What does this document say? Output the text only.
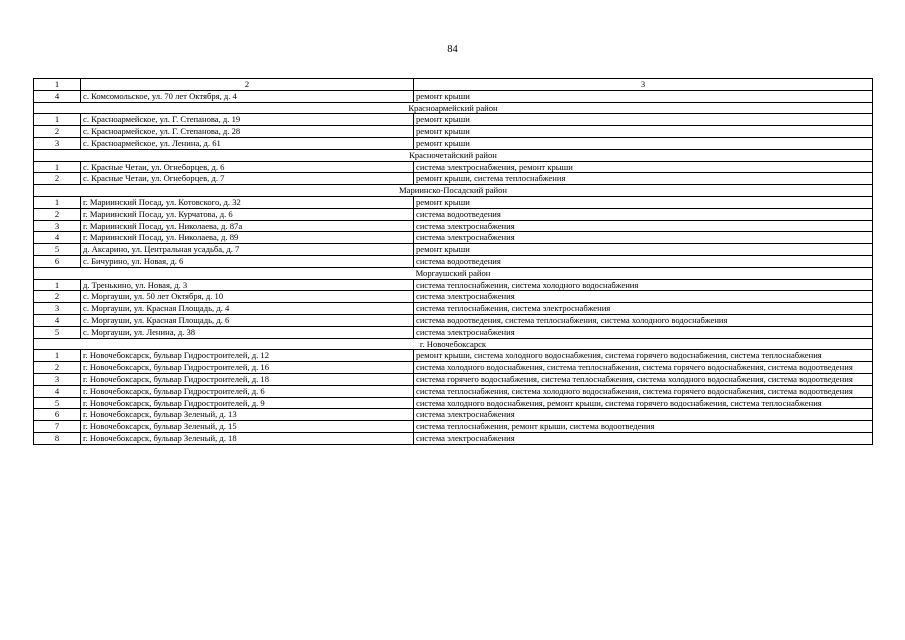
84
1	2	3
4	с. Комсомольское, ул. 70 лет Октября, д. 4	ремонт крыши
Красноармейский район		
1	с. Красноармейское, ул. Г. Степанова, д. 19	ремонт крыши
2	с. Красноармейское, ул. Г. Степанова, д. 28	ремонт крыши
3	с. Красноармейское, ул. Ленина, д. 61	ремонт крыши
Красночетайский район		
1	с. Красные Четаи, ул. Огнеборцев, д. 6	система электроснабжения, ремонт крыши
2	с. Красные Четаи, ул. Огнеборцев, д. 7	ремонт крыши, система теплоснабжения
Мариинско-Посадский район		
1	г. Мариинский Посад, ул. Котовского, д. 32	ремонт крыши
2	г. Мариинский Посад, ул. Курчатова, д. 6	система водоотведения
3	г. Мариинский Посад, ул. Николаева, д. 87а	система электроснабжения
4	г. Мариинский Посад, ул. Николаева, д. 89	система электроснабжения
5	д. Аксарино, ул. Центральная усадьба, д. 7	ремонт крыши
6	с. Бичурино, ул. Новая, д. 6	система водоотведения
Моргаушский район		
1	д. Тренькино, ул. Новая, д. 3	система теплоснабжения, система холодного водоснабжения
2	с. Моргауши, ул. 50 лет Октября, д. 10	система электроснабжения
3	с. Моргауши, ул. Красная Площадь, д. 4	система теплоснабжения, система электроснабжения
4	с. Моргауши, ул. Красная Площадь, д. 6	система водоотведения, система теплоснабжения, система холодного водоснабжения
5	с. Моргауши, ул. Ленина, д. 38	система электроснабжения
г. Новочебоксарск		
1	г. Новочебоксарск, бульвар Гидростроителей, д. 12	ремонт крыши, система холодного водоснабжения, система горячего водоснабжения, система теплоснабжения
2	г. Новочебоксарск, бульвар Гидростроителей, д. 16	система холодного водоснабжения, система теплоснабжения, система горячего водоснабжения, система водоотведения
3	г. Новочебоксарск, бульвар Гидростроителей, д. 18	система горячего водоснабжения, система теплоснабжения, система холодного водоснабжения, система водоотведения
4	г. Новочебоксарск, бульвар Гидростроителей, д. 6	система теплоснабжения, система холодного водоснабжения, система горячего водоснабжения, система водоотведения
5	г. Новочебоксарск, бульвар Гидростроителей, д. 9	система холодного водоснабжения, ремонт крыши, система горячего водоснабжения, система теплоснабжения
6	г. Новочебоксарск, бульвар Зеленый, д. 13	система электроснабжения
7	г. Новочебоксарск, бульвар Зеленый, д. 15	система теплоснабжения, ремонт крыши, система водоотведения
8	г. Новочебоксарск, бульвар Зеленый, д. 18	система электроснабжения
